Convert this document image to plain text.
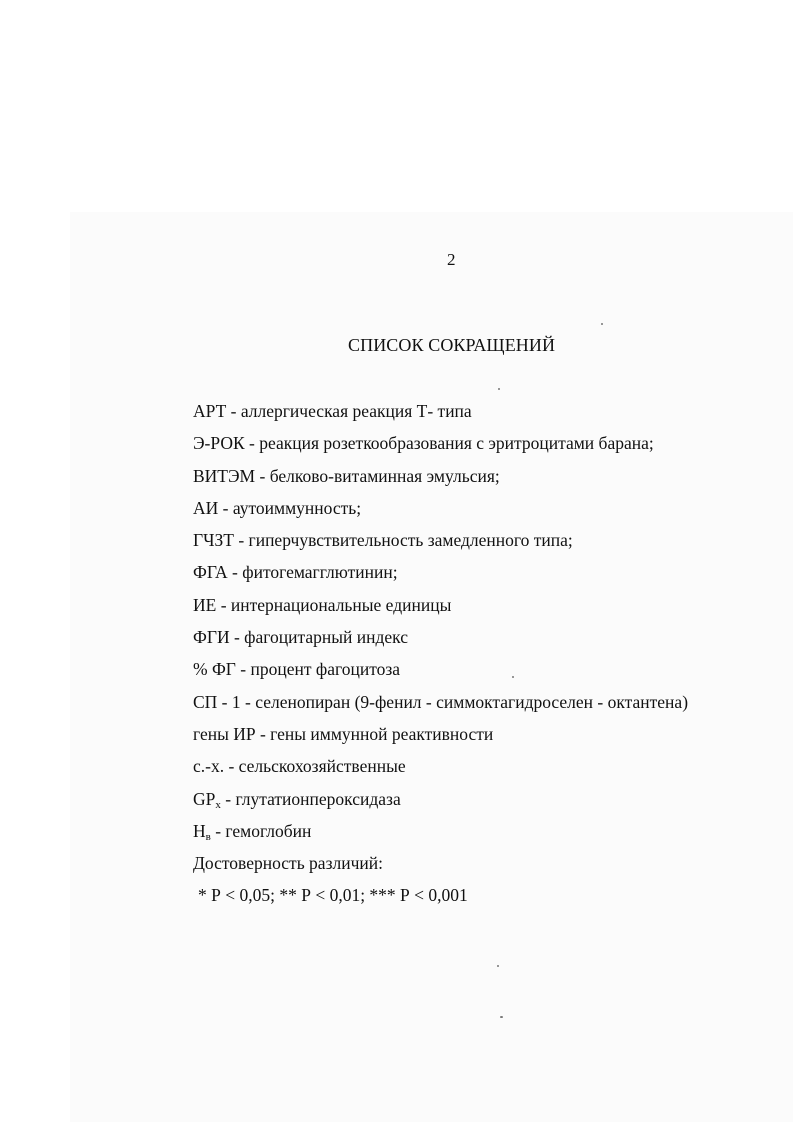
2
СПИСОК СОКРАЩЕНИЙ
АРТ - аллергическая реакция Т- типа
Э-РОК - реакция розеткообразования с эритроцитами барана;
ВИТЭМ - белково-витаминная эмульсия;
АИ - аутоиммунность;
ГЧЗТ - гиперчувствительность замедленного типа;
ФГА - фитогемагглютинин;
ИЕ - интернациональные единицы
ФГИ - фагоцитарный индекс
% ФГ - процент фагоцитоза
СП - 1 - селенопиран (9-фенил - симмоктагидроселен - октантена)
гены ИР - гены иммунной реактивности
с.-х. - сельскохозяйственные
$GP_x$ - глутатионпероксидаза
$H_в$ - гемоглобин
Достоверность различий:
* Р < 0,05; ** Р < 0,01; *** Р < 0,001
